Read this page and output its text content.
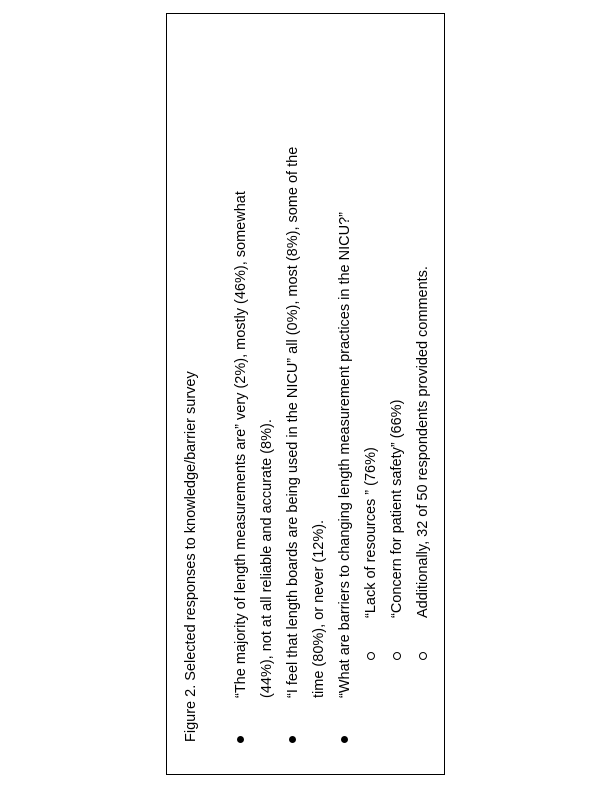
Figure 2. Selected responses to knowledge/barrier survey	“The majority of length measurements are” very (2%), mostly (46%), somewhat (44%), not at all reliable and accurate (8%). “I feel that length boards are being used in the NICU” all (0%), most (8%), some of the time (80%), or never (12%). “What are barriers to changing length measurement practices in the NICU?” “Lack of resources ” (76%) “Concern for patient safety” (66%) Additionally, 32 of 50 respondents provided comments.
